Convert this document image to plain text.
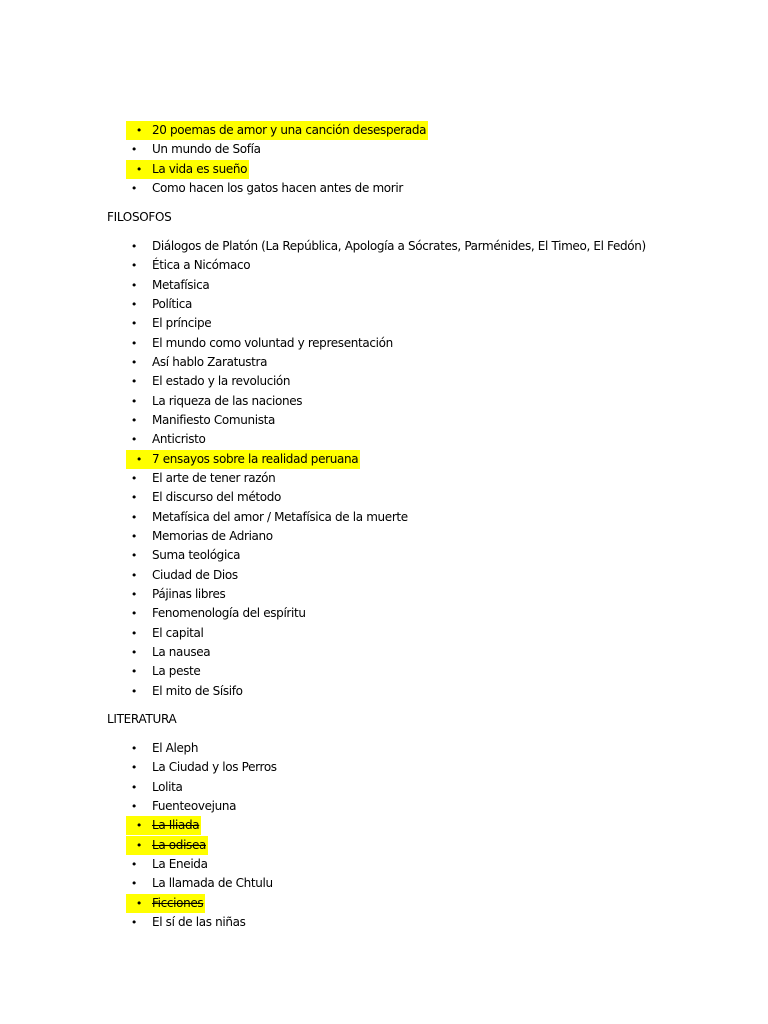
• 20 poemas de amor y una canción desesperada
• Un mundo de Sofía
• La vida es sueño
• Como hacen los gatos hacen antes de morir
FILOSOFOS
• Diálogos de Platón (La República, Apología a Sócrates, Parménides, El Timeo, El Fedón)
• Ética a Nicómaco
• Metafísica
• Política
• El príncipe
• El mundo como voluntad y representación
• Así hablo Zaratustra
• El estado y la revolución
• La riqueza de las naciones
• Manifiesto Comunista
• Anticristo
• 7 ensayos sobre la realidad peruana
• El arte de tener razón
• El discurso del método
• Metafísica del amor / Metafísica de la muerte
• Memorias de Adriano
• Suma teológica
• Ciudad de Dios
• Pájinas libres
• Fenomenología del espíritu
• El capital
• La nausea
• La peste
• El mito de Sísifo
LITERATURA
• El Aleph
• La Ciudad y los Perros
• Lolita
• Fuenteovejuna
• La Iliada
• La odisea
• La Eneida
• La llamada de Chtulu
• Ficciones
• El sí de las niñas
